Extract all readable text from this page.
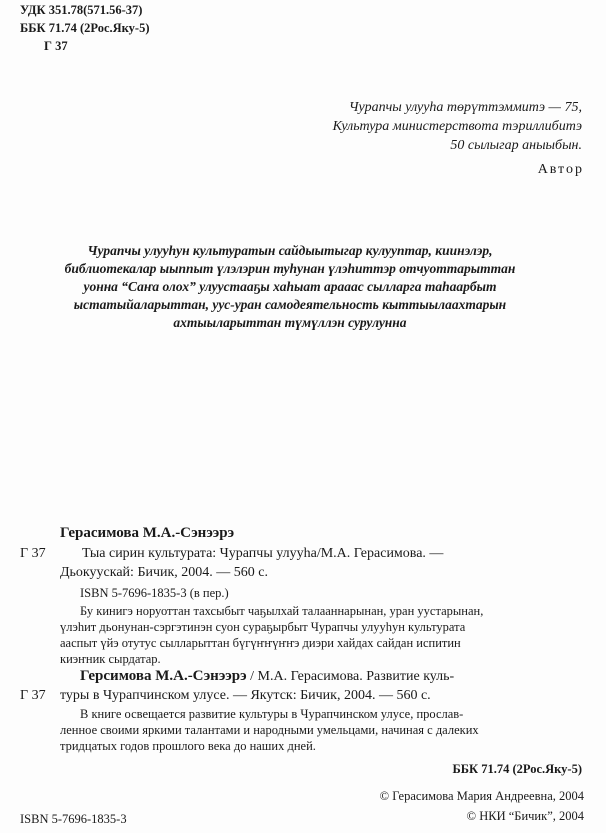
УДК 351.78(571.56-37)
ББК 71.74 (2Рос.Яку-5)
Г 37
Чурапчы улууһа төрүттэммитэ — 75,
Культура министерствота тэриллибитэ
50 сылыгар аныыбын.
Автор
Чурапчы улууһун культуратын сайдыытыгар кулууптар, киинэлэр,
библиотекалар ыыппыт үлэлэрин туһунан үлэһиттэр отчуоттарыттан
уонна “Саҥа олох” улуустааҕы хаһыат арааас сылларга таһаарбыт
ыстатыйаларыттан, уус-уран самодеятельность кыттыылаахтарын
ахтыыларыттан түмүллэн сурулунна
Герасимова М.А.-Сэнээрэ
Г 37	Тыа сирин культурата: Чурапчы улууһа/М.А. Герасимова. —
Дьокуускай: Бичик, 2004. — 560 с.
ISBN 5-7696-1835-3 (в пер.)
Бу кинигэ норуоттан тахсыбыт чаҕылхай талааннарынан, уран уустарынан,
үлэһит дьонунан-сэргэтинэн суон сураҕырбыт Чурапчы улууһун культурата
ааспыт үйэ отутус сылларыттан бүгүҥҥүҥҥэ диэри хайдах сайдан испитин
киэҥник сырдатар.
Герсимова М.А.-Сэнээрэ / М.А. Герасимова. Развитие куль-
Г 37 туры в Чурапчинском улусе. — Якутск: Бичик, 2004. — 560 с.
В книге освещается развитие культуры в Чурапчинском улусе, прослав-
ленное своими яркими талантами и народными умельцами, начиная с далеких
тридцатых годов прошлого века до наших дней.
ББК 71.74 (2Рос.Яку-5)
© Герасимова Мария Андреевна, 2004
ISBN 5-7696-1835-3	© НКИ “Бичик”, 2004
